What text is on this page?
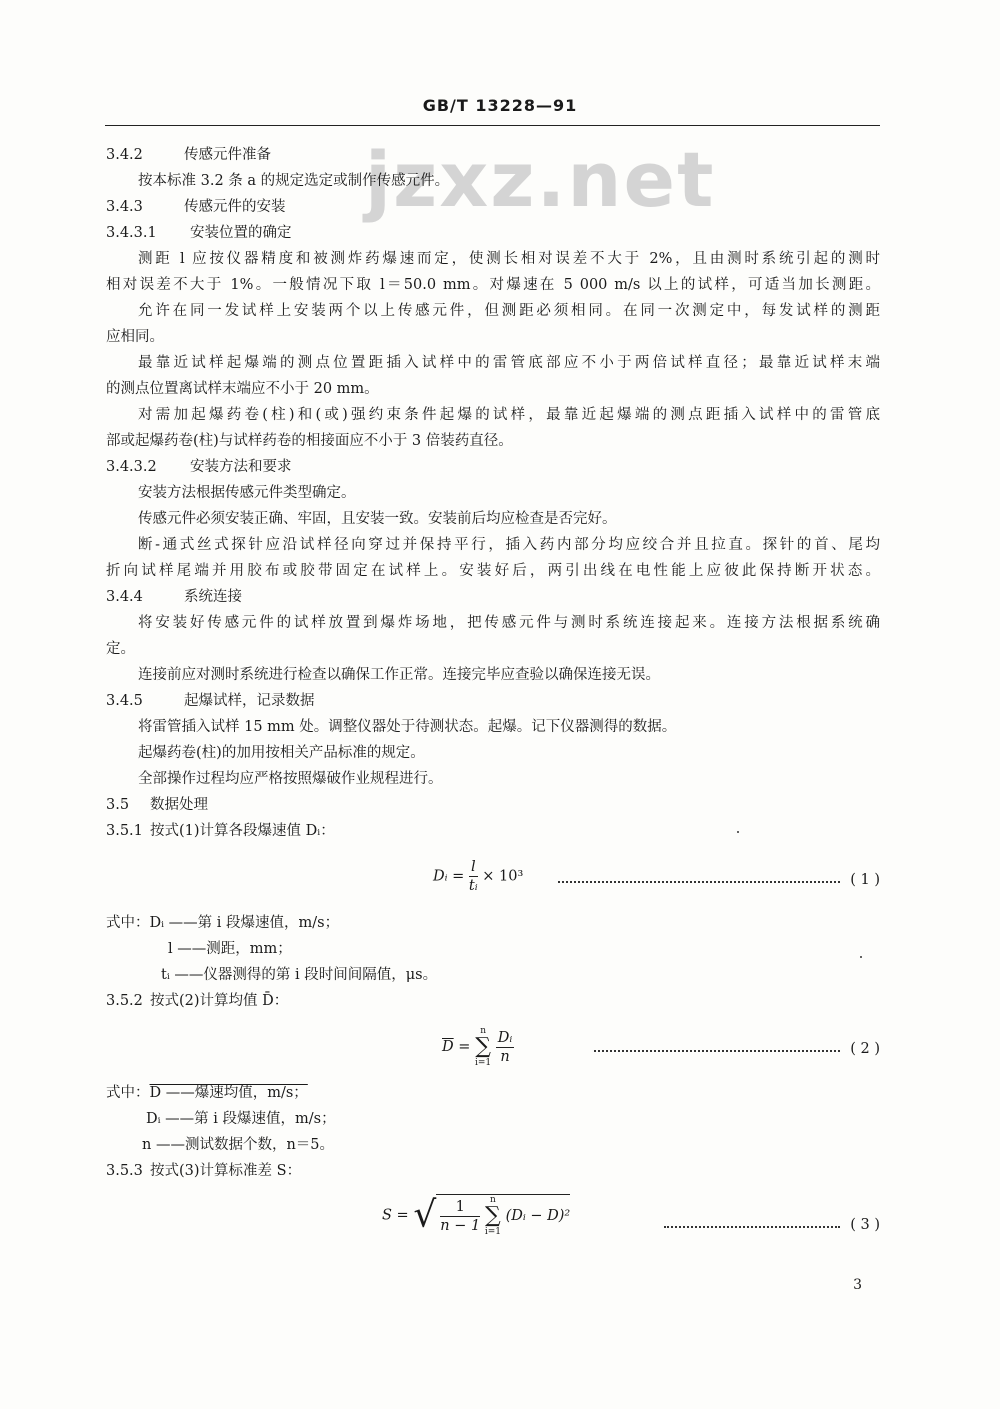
jzxz.net
GB/T 13228—91
3.4.2	传感元件准备
按本标准 3.2 条 a 的规定选定或制作传感元件。
3.4.3	传感元件的安装
3.4.3.1 安装位置的确定
测距 l 应按仪器精度和被测炸药爆速而定，使测长相对误差不大于 2%，且由测时系统引起的测时
相对误差不大于 1%。一般情况下取 l＝50.0 mm。对爆速在 5 000 m/s 以上的试样，可适当加长测距。
允许在同一发试样上安装两个以上传感元件，但测距必须相同。在同一次测定中，每发试样的测距
应相同。
最靠近试样起爆端的测点位置距插入试样中的雷管底部应不小于两倍试样直径；最靠近试样末端
的测点位置离试样末端应不小于 20 mm。
对需加起爆药卷(柱)和(或)强约束条件起爆的试样，最靠近起爆端的测点距插入试样中的雷管底
部或起爆药卷(柱)与试样药卷的相接面应不小于 3 倍装药直径。
3.4.3.2 安装方法和要求
安装方法根据传感元件类型确定。
传感元件必须安装正确、牢固，且安装一致。安装前后均应检查是否完好。
断-通式丝式探针应沿试样径向穿过并保持平行，插入药内部分均应绞合并且拉直。探针的首、尾均
折向试样尾端并用胶布或胶带固定在试样上。安装好后，两引出线在电性能上应彼此保持断开状态。
3.4.4	系统连接
将安装好传感元件的试样放置到爆炸场地，把传感元件与测时系统连接起来。连接方法根据系统确
定。
连接前应对测时系统进行检查以确保工作正常。连接完毕应查验以确保连接无误。
3.4.5	起爆试样，记录数据
将雷管插入试样 15 mm 处。调整仪器处于待测状态。起爆。记下仪器测得的数据。
起爆药卷(柱)的加用按相关产品标准的规定。
全部操作过程均应严格按照爆破作业规程进行。
3.5 数据处理
3.5.1 按式(1)计算各段爆速值 Dᵢ：
Dᵢ = $\frac{l}{\text{tᵢ}} \times 10^3$	( 1 )
式中：Dᵢ ——第 i 段爆速值，m/s；
l ——测距，mm；
tᵢ ——仪器测得的第 i 段时间间隔值，μs。
3.5.2 按式(2)计算均值 D̄：
$\overline{D} = n$
∑
$i=1 \frac{\text{Dᵢ}}{n}$	( 2 )
式中：D ——爆速均值，m/s；
Dᵢ ——第 i 段爆速值，m/s；
n ——测试数据个数，n＝5。
3.5.3 按式(3)计算标准差 S：
S = √ $\frac{1}{n - 1}$ n
∑
i=1 (Dᵢ − D)²
( 3 )
3
